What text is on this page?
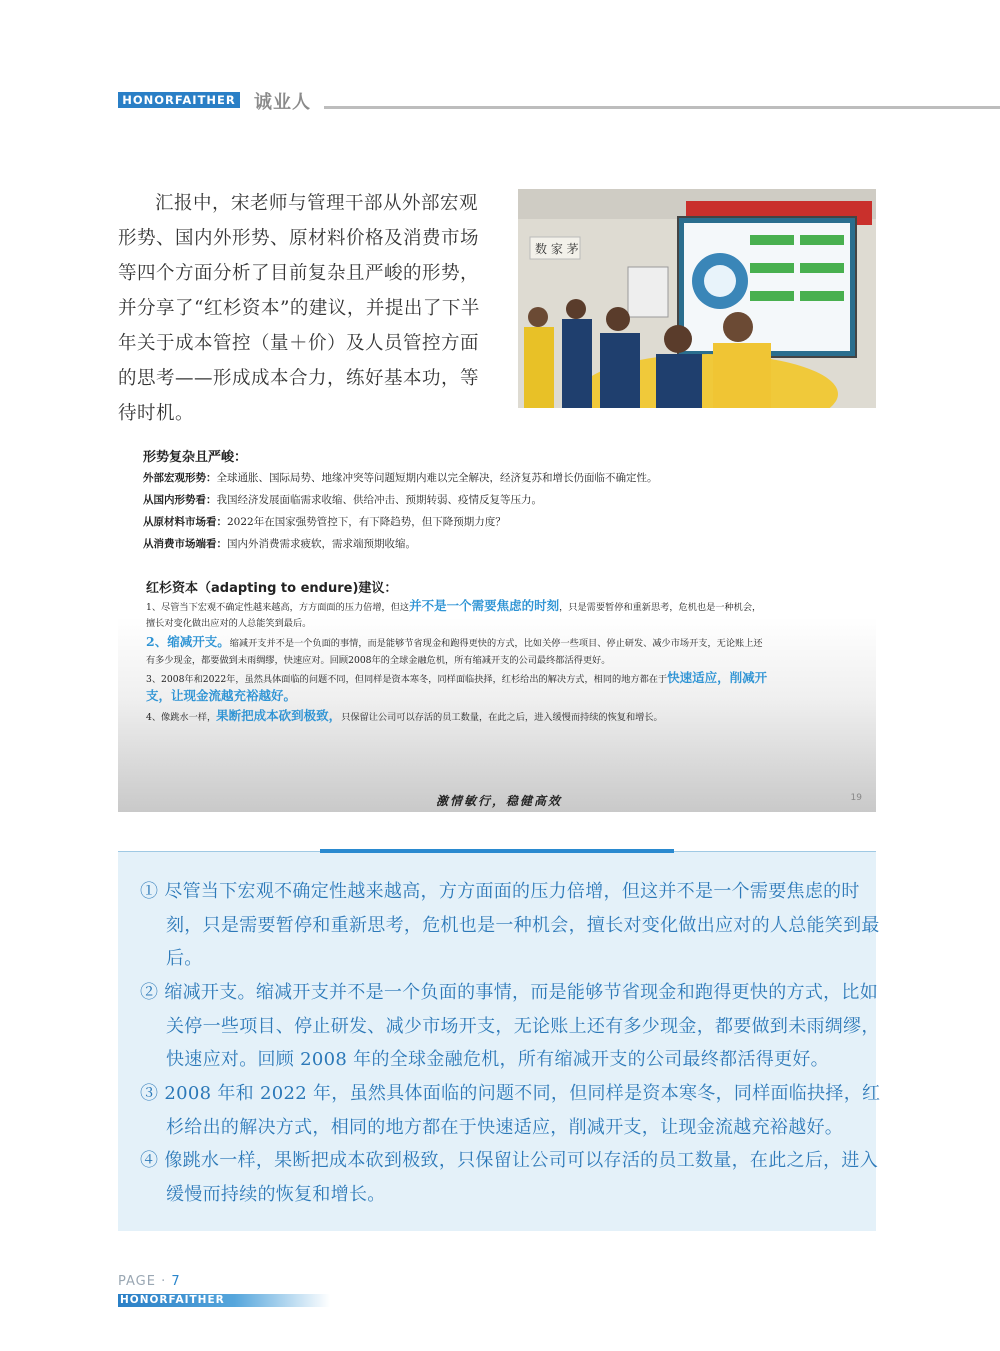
HONORFAITHER 诚业人
汇报中，宋老师与管理干部从外部宏观形势、国内外形势、原材料价格及消费市场等四个方面分析了目前复杂且严峻的形势，并分享了“红杉资本”的建议，并提出了下半年关于成本管控（量＋价）及人员管控方面的思考——形成成本合力，练好基本功，等待时机。
数 家 茅
形势复杂且严峻：
外部宏观形势：全球通胀、国际局势、地缘冲突等问题短期内难以完全解决，经济复苏和增长仍面临不确定性。
从国内形势看：我国经济发展面临需求收缩、供给冲击、预期转弱、疫情反复等压力。
从原材料市场看：2022年在国家强势管控下，有下降趋势，但下降预期力度？
从消费市场端看：国内外消费需求疲软，需求端预期收缩。
红杉资本（adapting to endure)建议：
1、尽管当下宏观不确定性越来越高，方方面面的压力倍增，但这并不是一个需要焦虑的时刻，只是需要暂停和重新思考，危机也是一种机会，
擅长对变化做出应对的人总能笑到最后。
2、缩减开支。缩减开支并不是一个负面的事情，而是能够节省现金和跑得更快的方式，比如关停一些项目、停止研发、减少市场开支，无论账上还
有多少现金，都要做到未雨绸缪，快速应对。回顾2008年的全球金融危机，所有缩减开支的公司最终都活得更好。
3、2008年和2022年，虽然具体面临的问题不同，但同样是资本寒冬，同样面临抉择，红杉给出的解决方式，相同的地方都在于快速适应，削减开
支，让现金流越充裕越好。
4、像跳水一样，果断把成本砍到极致，只保留让公司可以存活的员工数量，在此之后，进入缓慢而持续的恢复和增长。
激情敏行，稳健高效	19
① 尽管当下宏观不确定性越来越高，方方面面的压力倍增，但这并不是一个需要焦虑的时刻，只是需要暂停和重新思考，危机也是一种机会，擅长对变化做出应对的人总能笑到最后。
② 缩减开支。缩减开支并不是一个负面的事情，而是能够节省现金和跑得更快的方式，比如关停一些项目、停止研发、减少市场开支，无论账上还有多少现金，都要做到未雨绸缪，快速应对。回顾 2008 年的全球金融危机，所有缩减开支的公司最终都活得更好。
③ 2008 年和 2022 年，虽然具体面临的问题不同，但同样是资本寒冬，同样面临抉择，红杉给出的解决方式，相同的地方都在于快速适应，削减开支，让现金流越充裕越好。
④ 像跳水一样，果断把成本砍到极致，只保留让公司可以存活的员工数量，在此之后，进入缓慢而持续的恢复和增长。
PAGE · 7
HONORFAITHER
